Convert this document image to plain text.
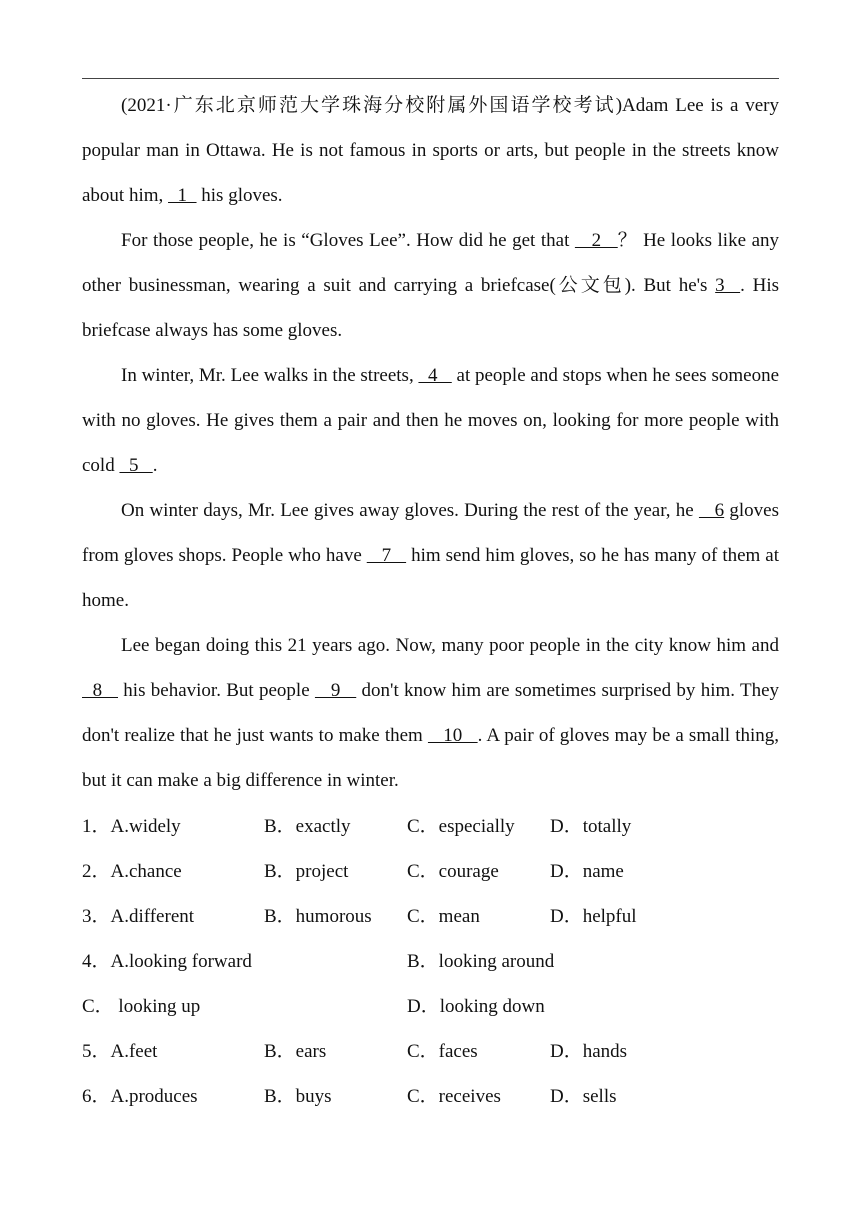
(2021·广东北京师范大学珠海分校附属外国语学校考试)Adam Lee is a very popular man in Ottawa. He is not famous in sports or arts, but people in the streets know about him,   1   his gloves.

For those people, he is “Gloves Lee”. How did he get that    2   ？ He looks like any other businessman, wearing a suit and carrying a briefcase(公文包). But he's 3  . His briefcase always has some gloves.

In winter, Mr. Lee walks in the streets,   4    at people and stops when he sees someone with no gloves. He gives them a pair and then he moves on, looking for more people with cold   5   .

On winter days, Mr. Lee gives away gloves. During the rest of the year, he    6 gloves from gloves shops. People who have    7    him send him gloves, so he has many of them at home.

Lee began doing this 21 years ago. Now, many poor people in the city know him and   8    his behavior. But people    9    don't know him are sometimes surprised by him. They don't realize that he just wants to make them    10   . A pair of gloves may be a small thing, but it can make a big difference in winter.

1．A.widely	B．exactly	C．especially D．totally
2．A.chance	B．project	C．courage	D．name
3．A.different	B．humorous C．mean	D．helpful
4．A.looking forward	B．looking around
C． looking up	D．looking down
5．A.feet	B．ears	C．faces	D．hands
6．A.produces	B．buys	C．receives	D．sells
